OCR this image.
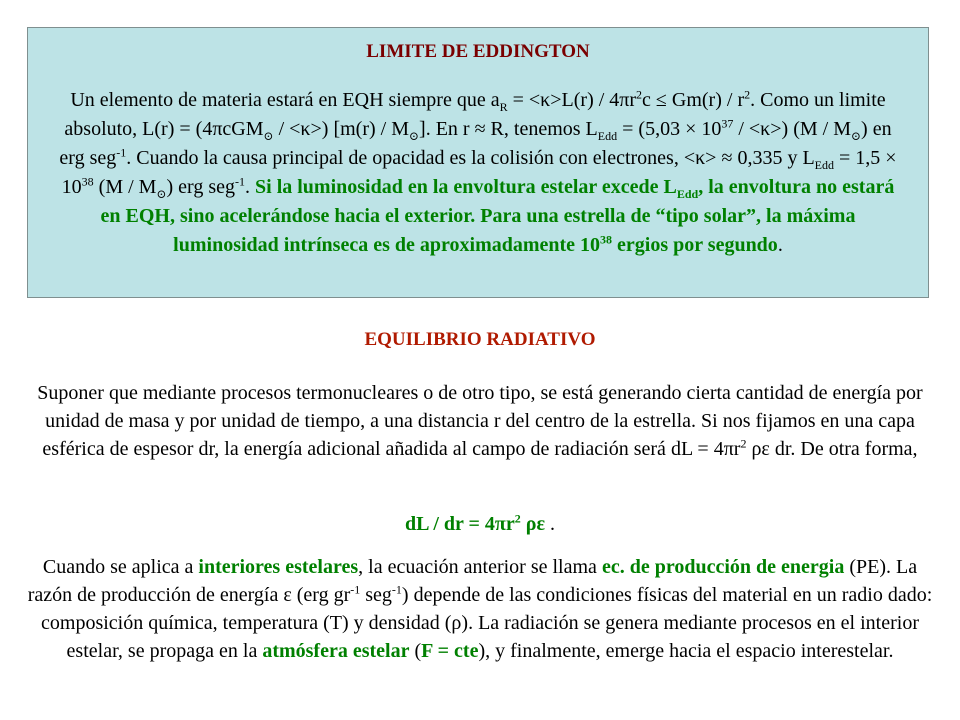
LIMITE DE EDDINGTON
Un elemento de materia estará en EQH siempre que $a_R = <\kappa>L(r) / 4\pi r^2c \le Gm(r) / r^2$. Como un limite absoluto, L(r) = (4πcGM$_⊙$ / <κ>) $[m(r) / M_⊙]$. En r ≈ R, tenemos $L_{Edd} = (5,03 \times 10^{37} / <\kappa>)$ $(M / M_⊙)$ en erg seg$^{-1}$. Cuando la causa principal de opacidad es la colisión con electrones, <κ> ≈ 0,335 y $L_{Edd} = 1,5 \times 10^{38}$ $(M / M_⊙)$ erg seg$^{-1}$. Si la luminosidad en la envoltura estelar excede $L_{Edd}$, la envoltura no estará en EQH, sino acelerándose hacia el exterior. Para una estrella de “tipo solar”, la máxima luminosidad intrínseca es de aproximadamente $10^{38}$ ergios por segundo.
EQUILIBRIO RADIATIVO
Suponer que mediante procesos termonucleares o de otro tipo, se está generando cierta cantidad de energía por unidad de masa y por unidad de tiempo, a una distancia r del centro de la estrella. Si nos fijamos en una capa esférica de espesor dr, la energía adicional añadida al campo de radiación será dL = $4\pi r^2$ ρε dr. De otra forma,
dL / dr = $4\pi r^2$ ρε .
Cuando se aplica a interiores estelares, la ecuación anterior se llama ec. de producción de energia (PE). La razón de producción de energía ε (erg $gr^{-1}$ seg$^{-1}$) depende de las condiciones físicas del material en un radio dado: composición química, temperatura (T) y densidad (ρ). La radiación se genera mediante procesos en el interior estelar, se propaga en la atmósfera estelar (F = cte), y finalmente, emerge hacia el espacio interestelar.
